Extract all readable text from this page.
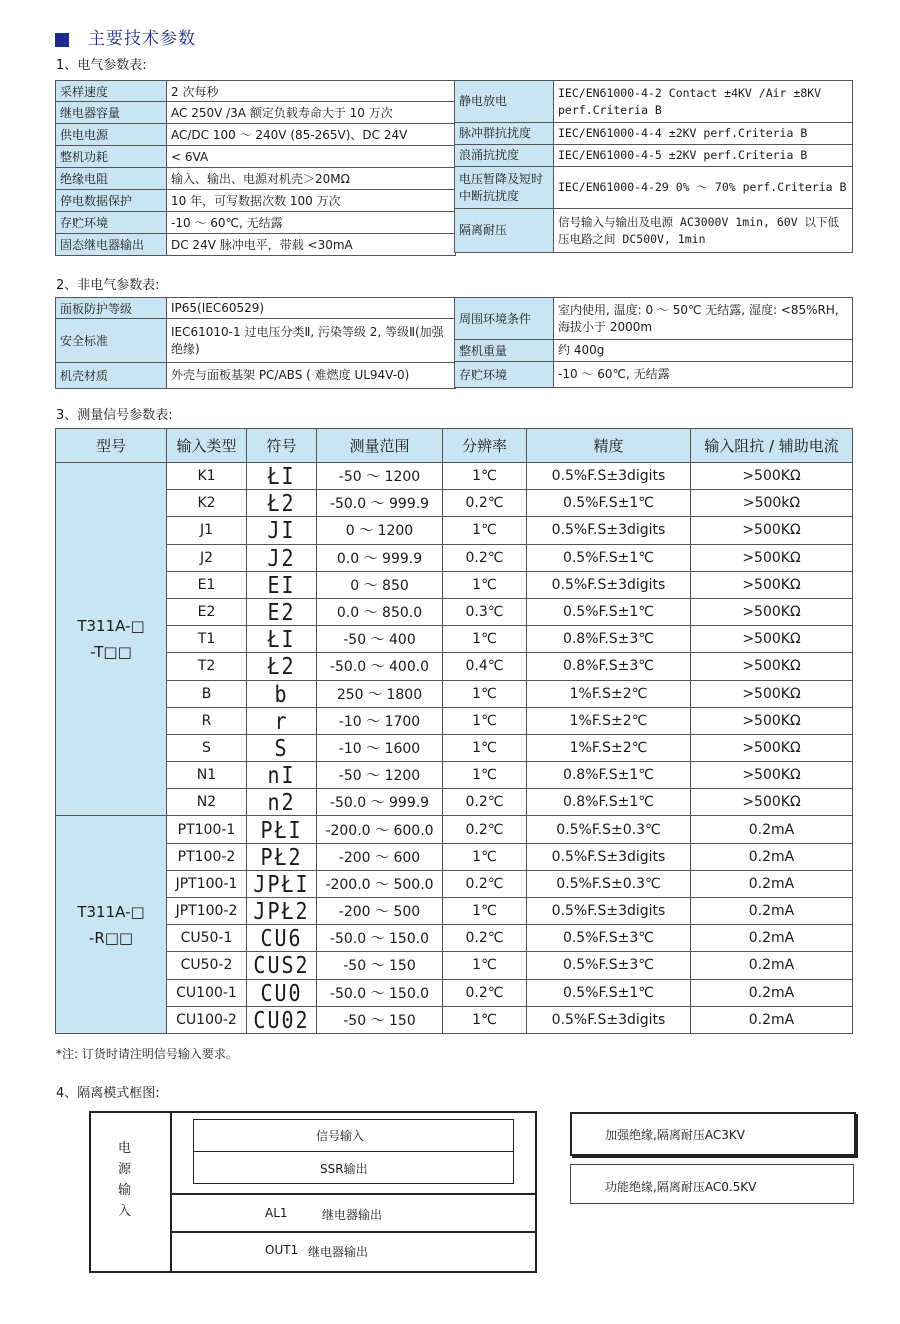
主要技术参数
1、电气参数表:
采样速度	2 次每秒
继电器容量	AC 250V /3A 额定负载寿命大于 10 万次
供电电源	AC/DC 100 ～ 240V (85-265V)、DC 24V
整机功耗	< 6VA
绝缘电阻	输入、输出、电源对机壳＞20MΩ
停电数据保护	10 年，可写数据次数 100 万次
存贮环境	-10 ～ 60℃, 无结露
固态继电器输出	DC 24V 脉冲电平，带载 <30mA
静电放电	IEC/EN61000-4-2 Contact ±4KV /Air ±8KV perf.Criteria B
脉冲群抗扰度	IEC/EN61000-4-4 ±2KV perf.Criteria B
浪涌抗扰度	IEC/EN61000-4-5 ±2KV perf.Criteria B
电压暂降及短时中断抗扰度	IEC/EN61000-4-29 0% ～ 70% perf.Criteria B
隔离耐压	信号输入与输出及电源 AC3000V 1min, 60V 以下低压电路之间 DC500V, 1min
2、非电气参数表:
面板防护等级	IP65(IEC60529)
安全标准	IEC61010-1 过电压分类Ⅱ, 污染等级 2, 等级Ⅱ(加强绝缘)
机壳材质	外壳与面板基架 PC/ABS ( 难燃度 UL94V-0)
周围环境条件	室内使用, 温度: 0 ～ 50℃ 无结露, 湿度: <85%RH, 海拔小于 2000m
整机重量	约 400g
存贮环境	-10 ～ 60℃, 无结露
3、测量信号参数表:
型号	输入类型	符号	测量范围	分辨率	精度	输入阻抗 / 辅助电流

T311A-□
-T□□	K1	ŁI	-50 ～ 1200	1℃	0.5%F.S±3digits	>500KΩ
	K2	Ł2	-50.0 ～ 999.9	0.2℃	0.5%F.S±1℃	>500kΩ
	J1	JI	0 ～ 1200	1℃	0.5%F.S±3digits	>500KΩ
	J2	J2	0.0 ～ 999.9	0.2℃	0.5%F.S±1℃	>500KΩ
	E1	EI	0 ～ 850	1℃	0.5%F.S±3digits	>500KΩ
	E2	E2	0.0 ～ 850.0	0.3℃	0.5%F.S±1℃	>500KΩ
	T1	ŁI	-50 ～ 400	1℃	0.8%F.S±3℃	>500KΩ
	T2	Ł2	-50.0 ～ 400.0	0.4℃	0.8%F.S±3℃	>500KΩ
	B	b	250 ～ 1800	1℃	1%F.S±2℃	>500KΩ
	R	r	-10 ～ 1700	1℃	1%F.S±2℃	>500KΩ
	S	S	-10 ～ 1600	1℃	1%F.S±2℃	>500KΩ
	N1	nI	-50 ～ 1200	1℃	0.8%F.S±1℃	>500KΩ
	N2	n2	-50.0 ～ 999.9	0.2℃	0.8%F.S±1℃	>500KΩ

T311A-□
-R□□	PT100-1	PŁI	-200.0 ～ 600.0	0.2℃	0.5%F.S±0.3℃	0.2mA
	PT100-2	PŁ2	-200 ～ 600	1℃	0.5%F.S±3digits	0.2mA
	JPT100-1	JPŁI	-200.0 ～ 500.0	0.2℃	0.5%F.S±0.3℃	0.2mA
	JPT100-2	JPŁ2	-200 ～ 500	1℃	0.5%F.S±3digits	0.2mA
	CU50-1	CU6	-50.0 ～ 150.0	0.2℃	0.5%F.S±3℃	0.2mA
	CU50-2	CUS2	-50 ～ 150	1℃	0.5%F.S±3℃	0.2mA
	CU100-1	CU0	-50.0 ～ 150.0	0.2℃	0.5%F.S±1℃	0.2mA
	CU100-2	CU02	-50 ～ 150	1℃	0.5%F.S±3digits	0.2mA
*注: 订货时请注明信号输入要求。
4、隔离模式框图:
电源输入
信号输入
SSR输出
AL1	继电器输出
OUT1 继电器输出
加强绝缘,隔离耐压AC3KV
功能绝缘,隔离耐压AC0.5KV
